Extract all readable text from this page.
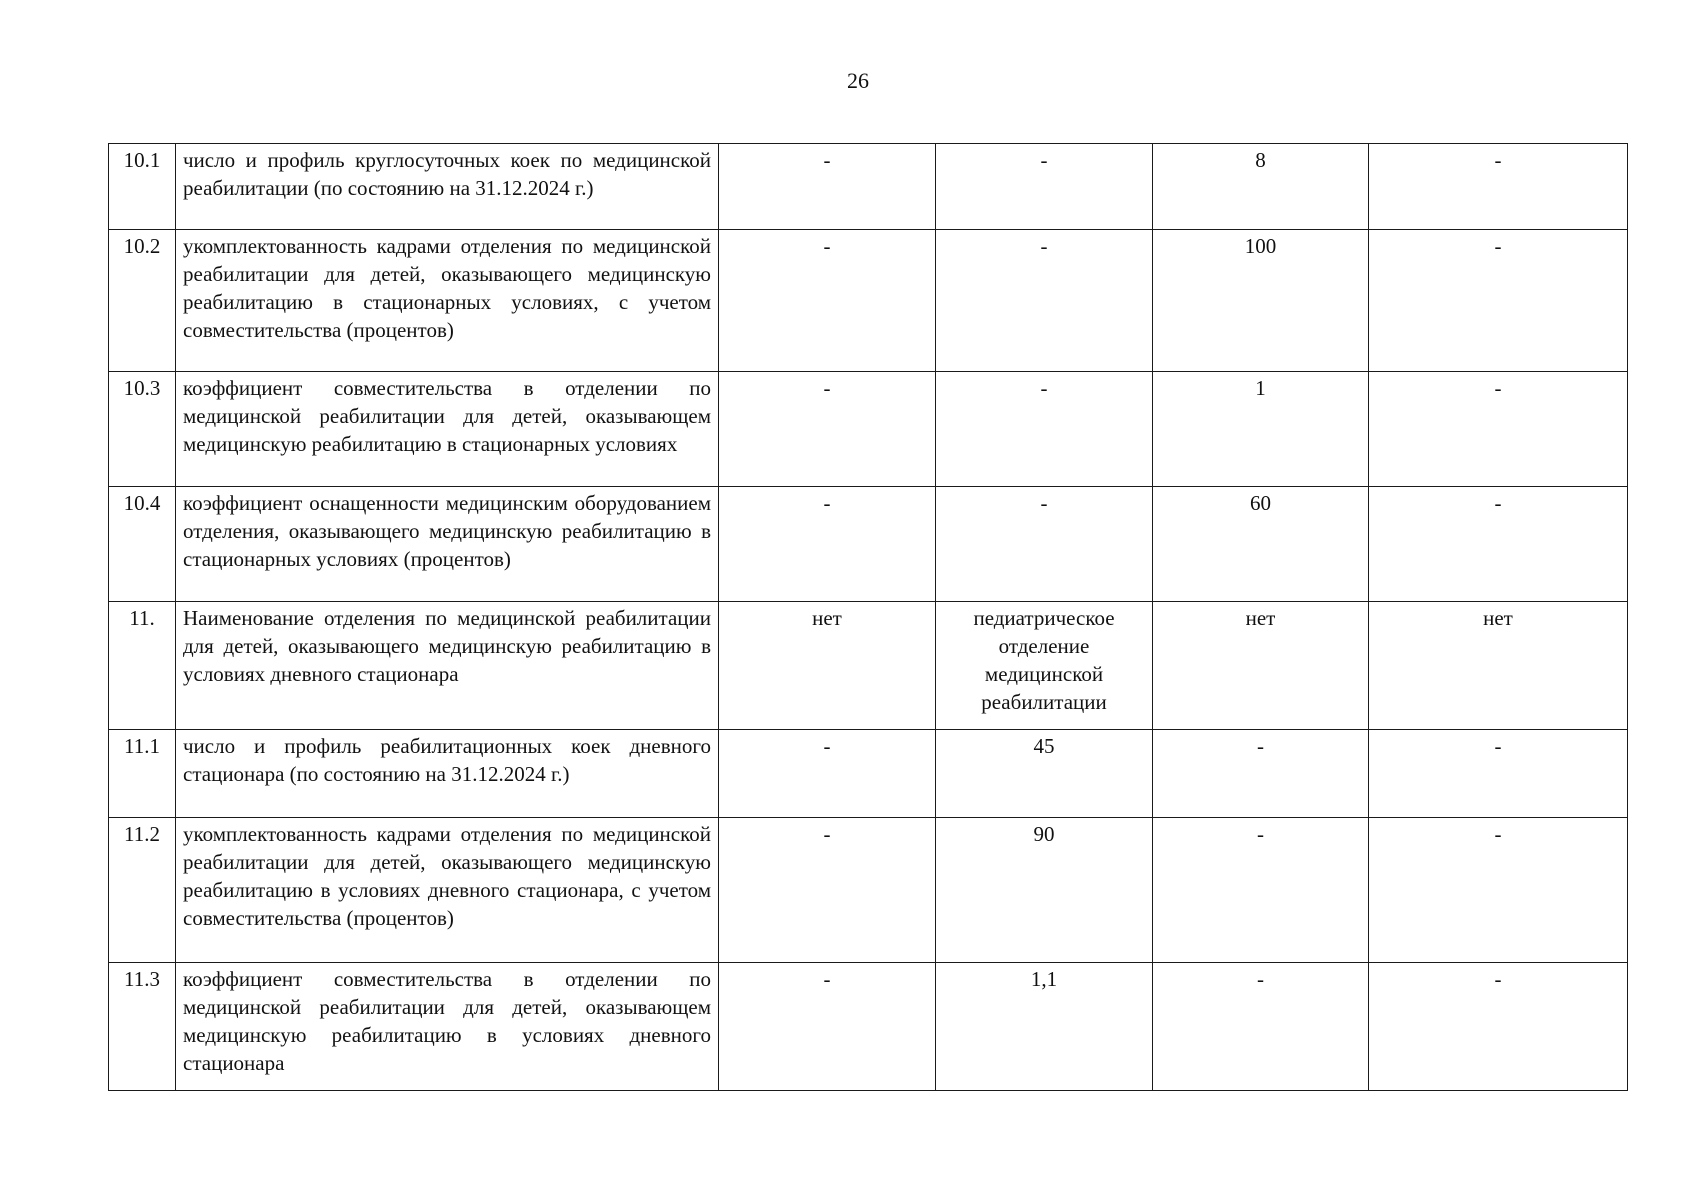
26
10.1	число и профиль круглосуточных коек по медицинской реабилитации (по состоянию на 31.12.2024 г.)	-	-	8	-
10.2	укомплектованность кадрами отделения по медицинской реабилитации для детей, оказывающего медицинскую реабилитацию в стационарных условиях, с учетом совместительства (процентов)	-	-	100	-
10.3	коэффициент совместительства в отделении по медицинской реабилитации для детей, оказывающем медицинскую реабилитацию в стационарных условиях	-	-	1	-
10.4	коэффициент оснащенности медицинским оборудованием отделения, оказывающего медицинскую реабилитацию в стационарных условиях (процентов)	-	-	60	-
11.	Наименование отделения по медицинской реабилитации для детей, оказывающего медицинскую реабилитацию в условиях дневного стационара	нет	педиатрическое отделение медицинской реабилитации	нет	нет
11.1	число и профиль реабилитационных коек дневного стационара (по состоянию на 31.12.2024 г.)	-	45	-	-
11.2	укомплектованность кадрами отделения по медицинской реабилитации для детей, оказывающего медицинскую реабилитацию в условиях дневного стационара, с учетом совместительства (процентов)	-	90	-	-
11.3	коэффициент совместительства в отделении по медицинской реабилитации для детей, оказывающем медицинскую реабилитацию в условиях дневного стационара	-	1,1	-	-
